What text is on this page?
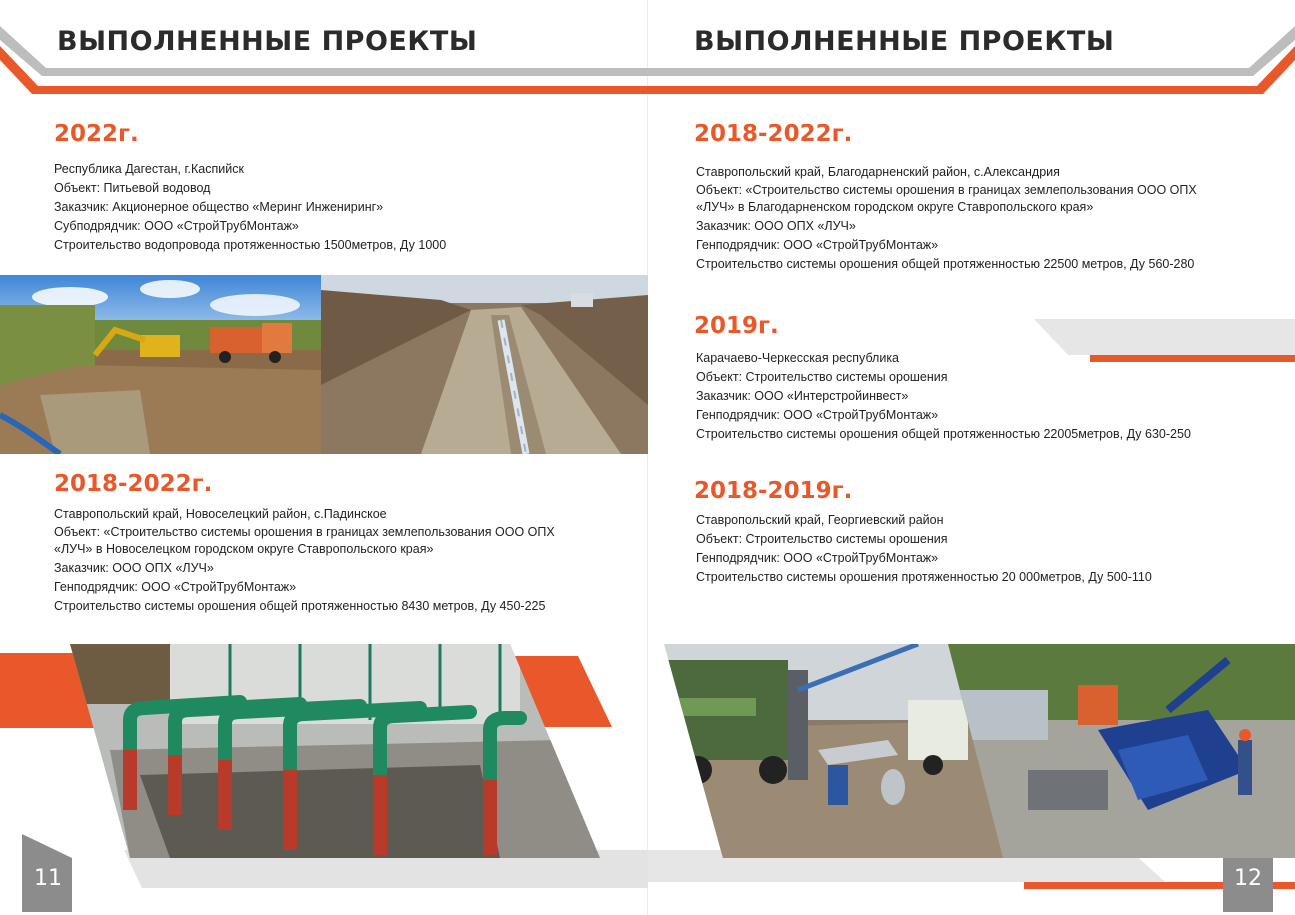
ВЫПОЛНЕННЫЕ ПРОЕКТЫ	ВЫПОЛНЕННЫЕ ПРОЕКТЫ
2022г.
Республика Дагестан, г.Каспийск
Объект: Питьевой водовод
Заказчик: Акционерное общество «Меринг Инжениринг»
Субподрядчик: ООО «СтройТрубМонтаж»
Строительство водопровода протяженностью 1500метров, Ду 1000
2018-2022г.
Ставропольский край, Новоселецкий район, с.Падинское
Объект: «Строительство системы орошения в границах землепользования ООО ОПХ
«ЛУЧ» в Новоселецком городском округе Ставропольского края»
Заказчик: ООО ОПХ «ЛУЧ»
Генподрядчик: ООО «СтройТрубМонтаж»
Строительство системы орошения общей протяженностью 8430 метров, Ду 450-225
2018-2022г.
Ставропольский край, Благодарненский район, с.Александрия
Объект: «Строительство системы орошения в границах землепользования ООО ОПХ
«ЛУЧ» в Благодарненском городском округе Ставропольского края»
Заказчик: ООО ОПХ «ЛУЧ»
Генподрядчик: ООО «СтройТрубМонтаж»
Строительство системы орошения общей протяженностью 22500 метров, Ду 560-280
2019г.
Карачаево-Черкесская республика
Объект: Строительство системы орошения
Заказчик: ООО «Интерстройинвест»
Генподрядчик: ООО «СтройТрубМонтаж»
Строительство системы орошения общей протяженностью 22005метров, Ду 630-250
2018-2019г.
Ставропольский край, Георгиевский район
Объект: Строительство системы орошения
Генподрядчик: ООО «СтройТрубМонтаж»
Строительство системы орошения протяженностью 20 000метров, Ду 500-110
11	12
